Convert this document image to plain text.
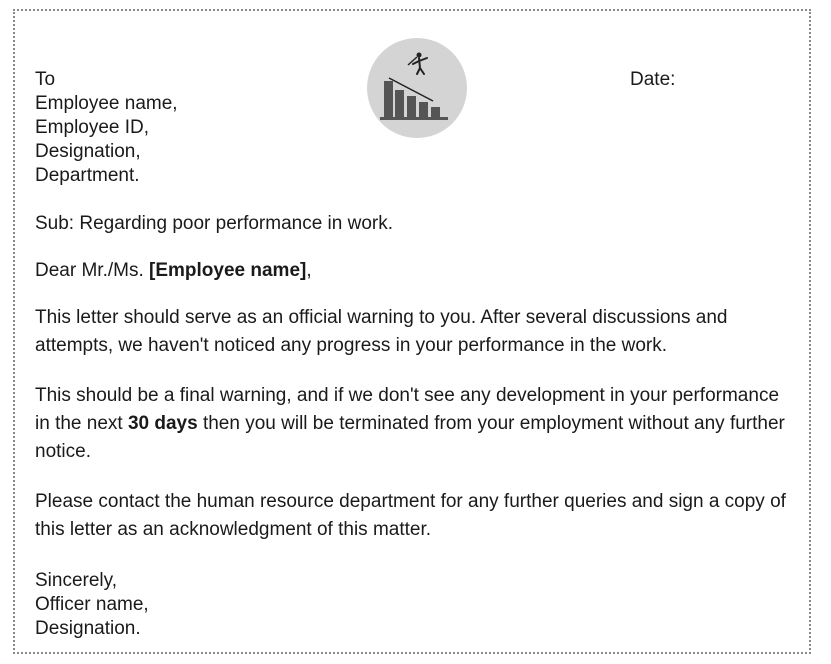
To
Employee name,
Employee ID,
Designation,
Department.
Date:
Sub: Regarding poor performance in work.
Dear Mr./Ms. [Employee name],
This letter should serve as an official warning to you. After several discussions and attempts, we haven't noticed any progress in your performance in the work.
This should be a final warning, and if we don't see any development in your performance in the next 30 days then you will be terminated from your employment without any further notice.
Please contact the human resource department for any further queries and sign a copy of this letter as an acknowledgment of this matter.
Sincerely,
Officer name,
Designation.
